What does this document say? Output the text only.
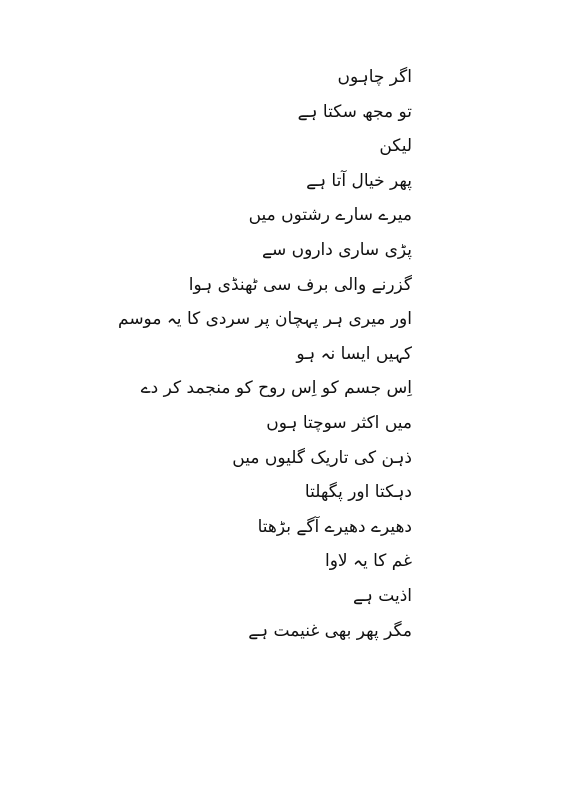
اگر چاہوں
تو مجھ سکتا ہے
لیکن
پھر خیال آتا ہے
میرے سارے رشتوں میں
پڑی ساری داروں سے
گزرنے والی برف سی ٹھنڈی ہوا
اور میری ہر پہچان پر سردی کا یہ موسم
کہیں ایسا نہ ہو
اِس جسم کو اِس روح کو منجمد کر دے
میں اکثر سوچتا ہوں
ذہن کی تاریک گلیوں میں
دہکتا اور پگھلتا
دھیرے دھیرے آگے بڑھتا
غم کا یہ لاوا
اذیت ہے
مگر پھر بھی غنیمت ہے
